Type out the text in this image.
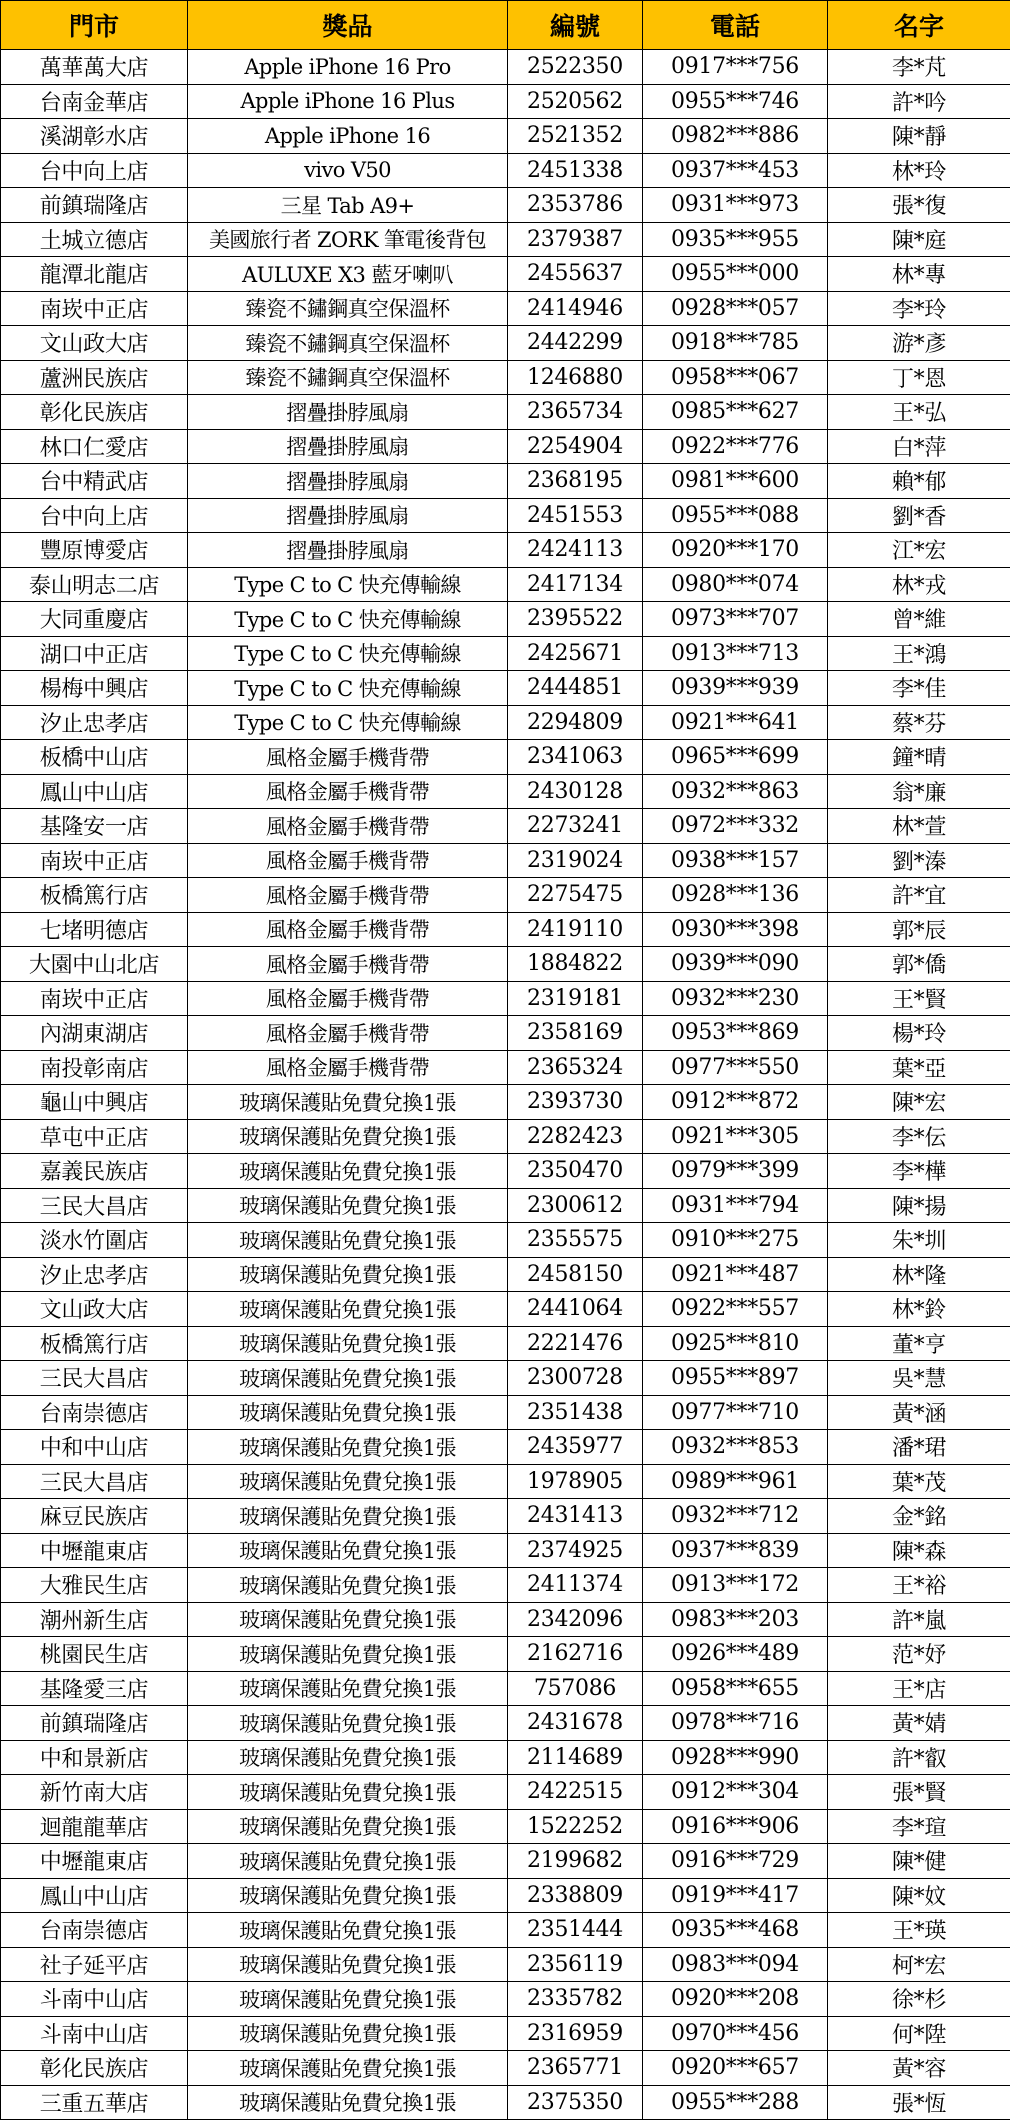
門市	獎品	編號	電話	名字
萬華萬大店	Apple iPhone 16 Pro	2522350	0917***756	李*芃
台南金華店	Apple iPhone 16 Plus	2520562	0955***746	許*吟
溪湖彰水店	Apple iPhone 16	2521352	0982***886	陳*靜
台中向上店	vivo V50	2451338	0937***453	林*玲
前鎮瑞隆店	三星 Tab A9+	2353786	0931***973	張*復
土城立德店	美國旅行者 ZORK 筆電後背包	2379387	0935***955	陳*庭
龍潭北龍店	AULUXE X3 藍牙喇叭	2455637	0955***000	林*專
南崁中正店	臻瓷不鏽鋼真空保溫杯	2414946	0928***057	李*玲
文山政大店	臻瓷不鏽鋼真空保溫杯	2442299	0918***785	游*彥
蘆洲民族店	臻瓷不鏽鋼真空保溫杯	1246880	0958***067	丁*恩
彰化民族店	摺疊掛脖風扇	2365734	0985***627	王*弘
林口仁愛店	摺疊掛脖風扇	2254904	0922***776	白*萍
台中精武店	摺疊掛脖風扇	2368195	0981***600	賴*郁
台中向上店	摺疊掛脖風扇	2451553	0955***088	劉*香
豐原博愛店	摺疊掛脖風扇	2424113	0920***170	江*宏
泰山明志二店	Type C to C 快充傳輸線	2417134	0980***074	林*戎
大同重慶店	Type C to C 快充傳輸線	2395522	0973***707	曾*維
湖口中正店	Type C to C 快充傳輸線	2425671	0913***713	王*鴻
楊梅中興店	Type C to C 快充傳輸線	2444851	0939***939	李*佳
汐止忠孝店	Type C to C 快充傳輸線	2294809	0921***641	蔡*芬
板橋中山店	風格金屬手機背帶	2341063	0965***699	鐘*晴
鳳山中山店	風格金屬手機背帶	2430128	0932***863	翁*廉
基隆安一店	風格金屬手機背帶	2273241	0972***332	林*萱
南崁中正店	風格金屬手機背帶	2319024	0938***157	劉*溱
板橋篤行店	風格金屬手機背帶	2275475	0928***136	許*宜
七堵明德店	風格金屬手機背帶	2419110	0930***398	郭*辰
大園中山北店	風格金屬手機背帶	1884822	0939***090	郭*僑
南崁中正店	風格金屬手機背帶	2319181	0932***230	王*賢
內湖東湖店	風格金屬手機背帶	2358169	0953***869	楊*玲
南投彰南店	風格金屬手機背帶	2365324	0977***550	葉*亞
龜山中興店	玻璃保護貼免費兌換1張	2393730	0912***872	陳*宏
草屯中正店	玻璃保護貼免費兌換1張	2282423	0921***305	李*伝
嘉義民族店	玻璃保護貼免費兌換1張	2350470	0979***399	李*樺
三民大昌店	玻璃保護貼免費兌換1張	2300612	0931***794	陳*揚
淡水竹圍店	玻璃保護貼免費兌換1張	2355575	0910***275	朱*圳
汐止忠孝店	玻璃保護貼免費兌換1張	2458150	0921***487	林*隆
文山政大店	玻璃保護貼免費兌換1張	2441064	0922***557	林*鈴
板橋篤行店	玻璃保護貼免費兌換1張	2221476	0925***810	董*亨
三民大昌店	玻璃保護貼免費兌換1張	2300728	0955***897	吳*慧
台南崇德店	玻璃保護貼免費兌換1張	2351438	0977***710	黃*涵
中和中山店	玻璃保護貼免費兌換1張	2435977	0932***853	潘*珺
三民大昌店	玻璃保護貼免費兌換1張	1978905	0989***961	葉*茂
麻豆民族店	玻璃保護貼免費兌換1張	2431413	0932***712	金*銘
中壢龍東店	玻璃保護貼免費兌換1張	2374925	0937***839	陳*森
大雅民生店	玻璃保護貼免費兌換1張	2411374	0913***172	王*裕
潮州新生店	玻璃保護貼免費兌換1張	2342096	0983***203	許*嵐
桃園民生店	玻璃保護貼免費兌換1張	2162716	0926***489	范*妤
基隆愛三店	玻璃保護貼免費兌換1張	757086	0958***655	王*店
前鎮瑞隆店	玻璃保護貼免費兌換1張	2431678	0978***716	黃*婧
中和景新店	玻璃保護貼免費兌換1張	2114689	0928***990	許*叡
新竹南大店	玻璃保護貼免費兌換1張	2422515	0912***304	張*賢
迴龍龍華店	玻璃保護貼免費兌換1張	1522252	0916***906	李*瑄
中壢龍東店	玻璃保護貼免費兌換1張	2199682	0916***729	陳*健
鳳山中山店	玻璃保護貼免費兌換1張	2338809	0919***417	陳*妏
台南崇德店	玻璃保護貼免費兌換1張	2351444	0935***468	王*瑛
社子延平店	玻璃保護貼免費兌換1張	2356119	0983***094	柯*宏
斗南中山店	玻璃保護貼免費兌換1張	2335782	0920***208	徐*杉
斗南中山店	玻璃保護貼免費兌換1張	2316959	0970***456	何*陞
彰化民族店	玻璃保護貼免費兌換1張	2365771	0920***657	黃*容
三重五華店	玻璃保護貼免費兌換1張	2375350	0955***288	張*恆
